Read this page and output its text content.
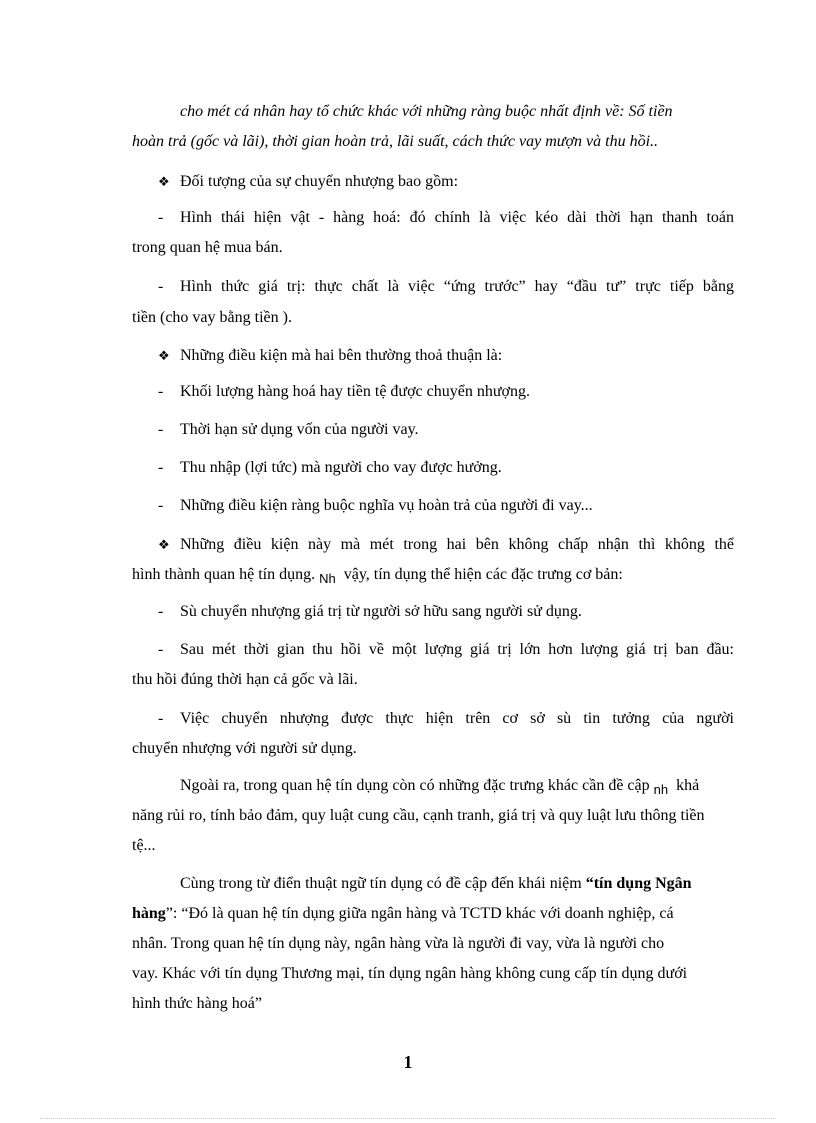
cho mét cá nhân hay tổ chức khác với những ràng buộc nhất định về: Số tiền
hoàn trả (gốc và lãi), thời gian hoàn trả, lãi suất, cách thức vay mượn và thu hồi..
❖ Đối tượng của sự chuyển nhượng bao gồm:
- Hình thái hiện vật - hàng hoá: đó chính là việc kéo dài thời hạn thanh toán
trong quan hệ mua bán.
- Hình thức giá trị: thực chất là việc “ứng trước” hay “đầu tư” trực tiếp bằng
tiền (cho vay bằng tiền ).
❖ Những điều kiện mà hai bên thường thoả thuận là:
- Khối lượng hàng hoá hay tiền tệ được chuyển nhượng.
- Thời hạn sử dụng vốn của người vay.
- Thu nhập (lợi tức) mà người cho vay được hưởng.
- Những điều kiện ràng buộc nghĩa vụ hoàn trả của người đi vay...
❖ Những điều kiện này mà mét trong hai bên không chấp nhận thì không thể
hình thành quan hệ tín dụng. Nh vậy, tín dụng thể hiện các đặc trưng cơ bản:
- Sù chuyển nhượng giá trị từ người sở hữu sang người sử dụng.
- Sau mét thời gian thu hồi về một lượng giá trị lớn hơn lượng giá trị ban đầu:
thu hồi đúng thời hạn cả gốc và lãi.
- Việc chuyển nhượng được thực hiện trên cơ sở sù tin tưởng của người
chuyển nhượng với người sử dụng.
Ngoài ra, trong quan hệ tín dụng còn có những đặc trưng khác cần đề cập nh khả
năng rủi ro, tính bảo đảm, quy luật cung cầu, cạnh tranh, giá trị và quy luật lưu thông tiền
tệ...
Cùng trong từ điển thuật ngữ tín dụng có đề cập đến khái niệm “tín dụng Ngân
hàng”: “Đó là quan hệ tín dụng giữa ngân hàng và TCTD khác với doanh nghiệp, cá
nhân. Trong quan hệ tín dụng này, ngân hàng vừa là người đi vay, vừa là người cho
vay. Khác với tín dụng Thương mại, tín dụng ngân hàng không cung cấp tín dụng dưới
hình thức hàng hoá”
1
